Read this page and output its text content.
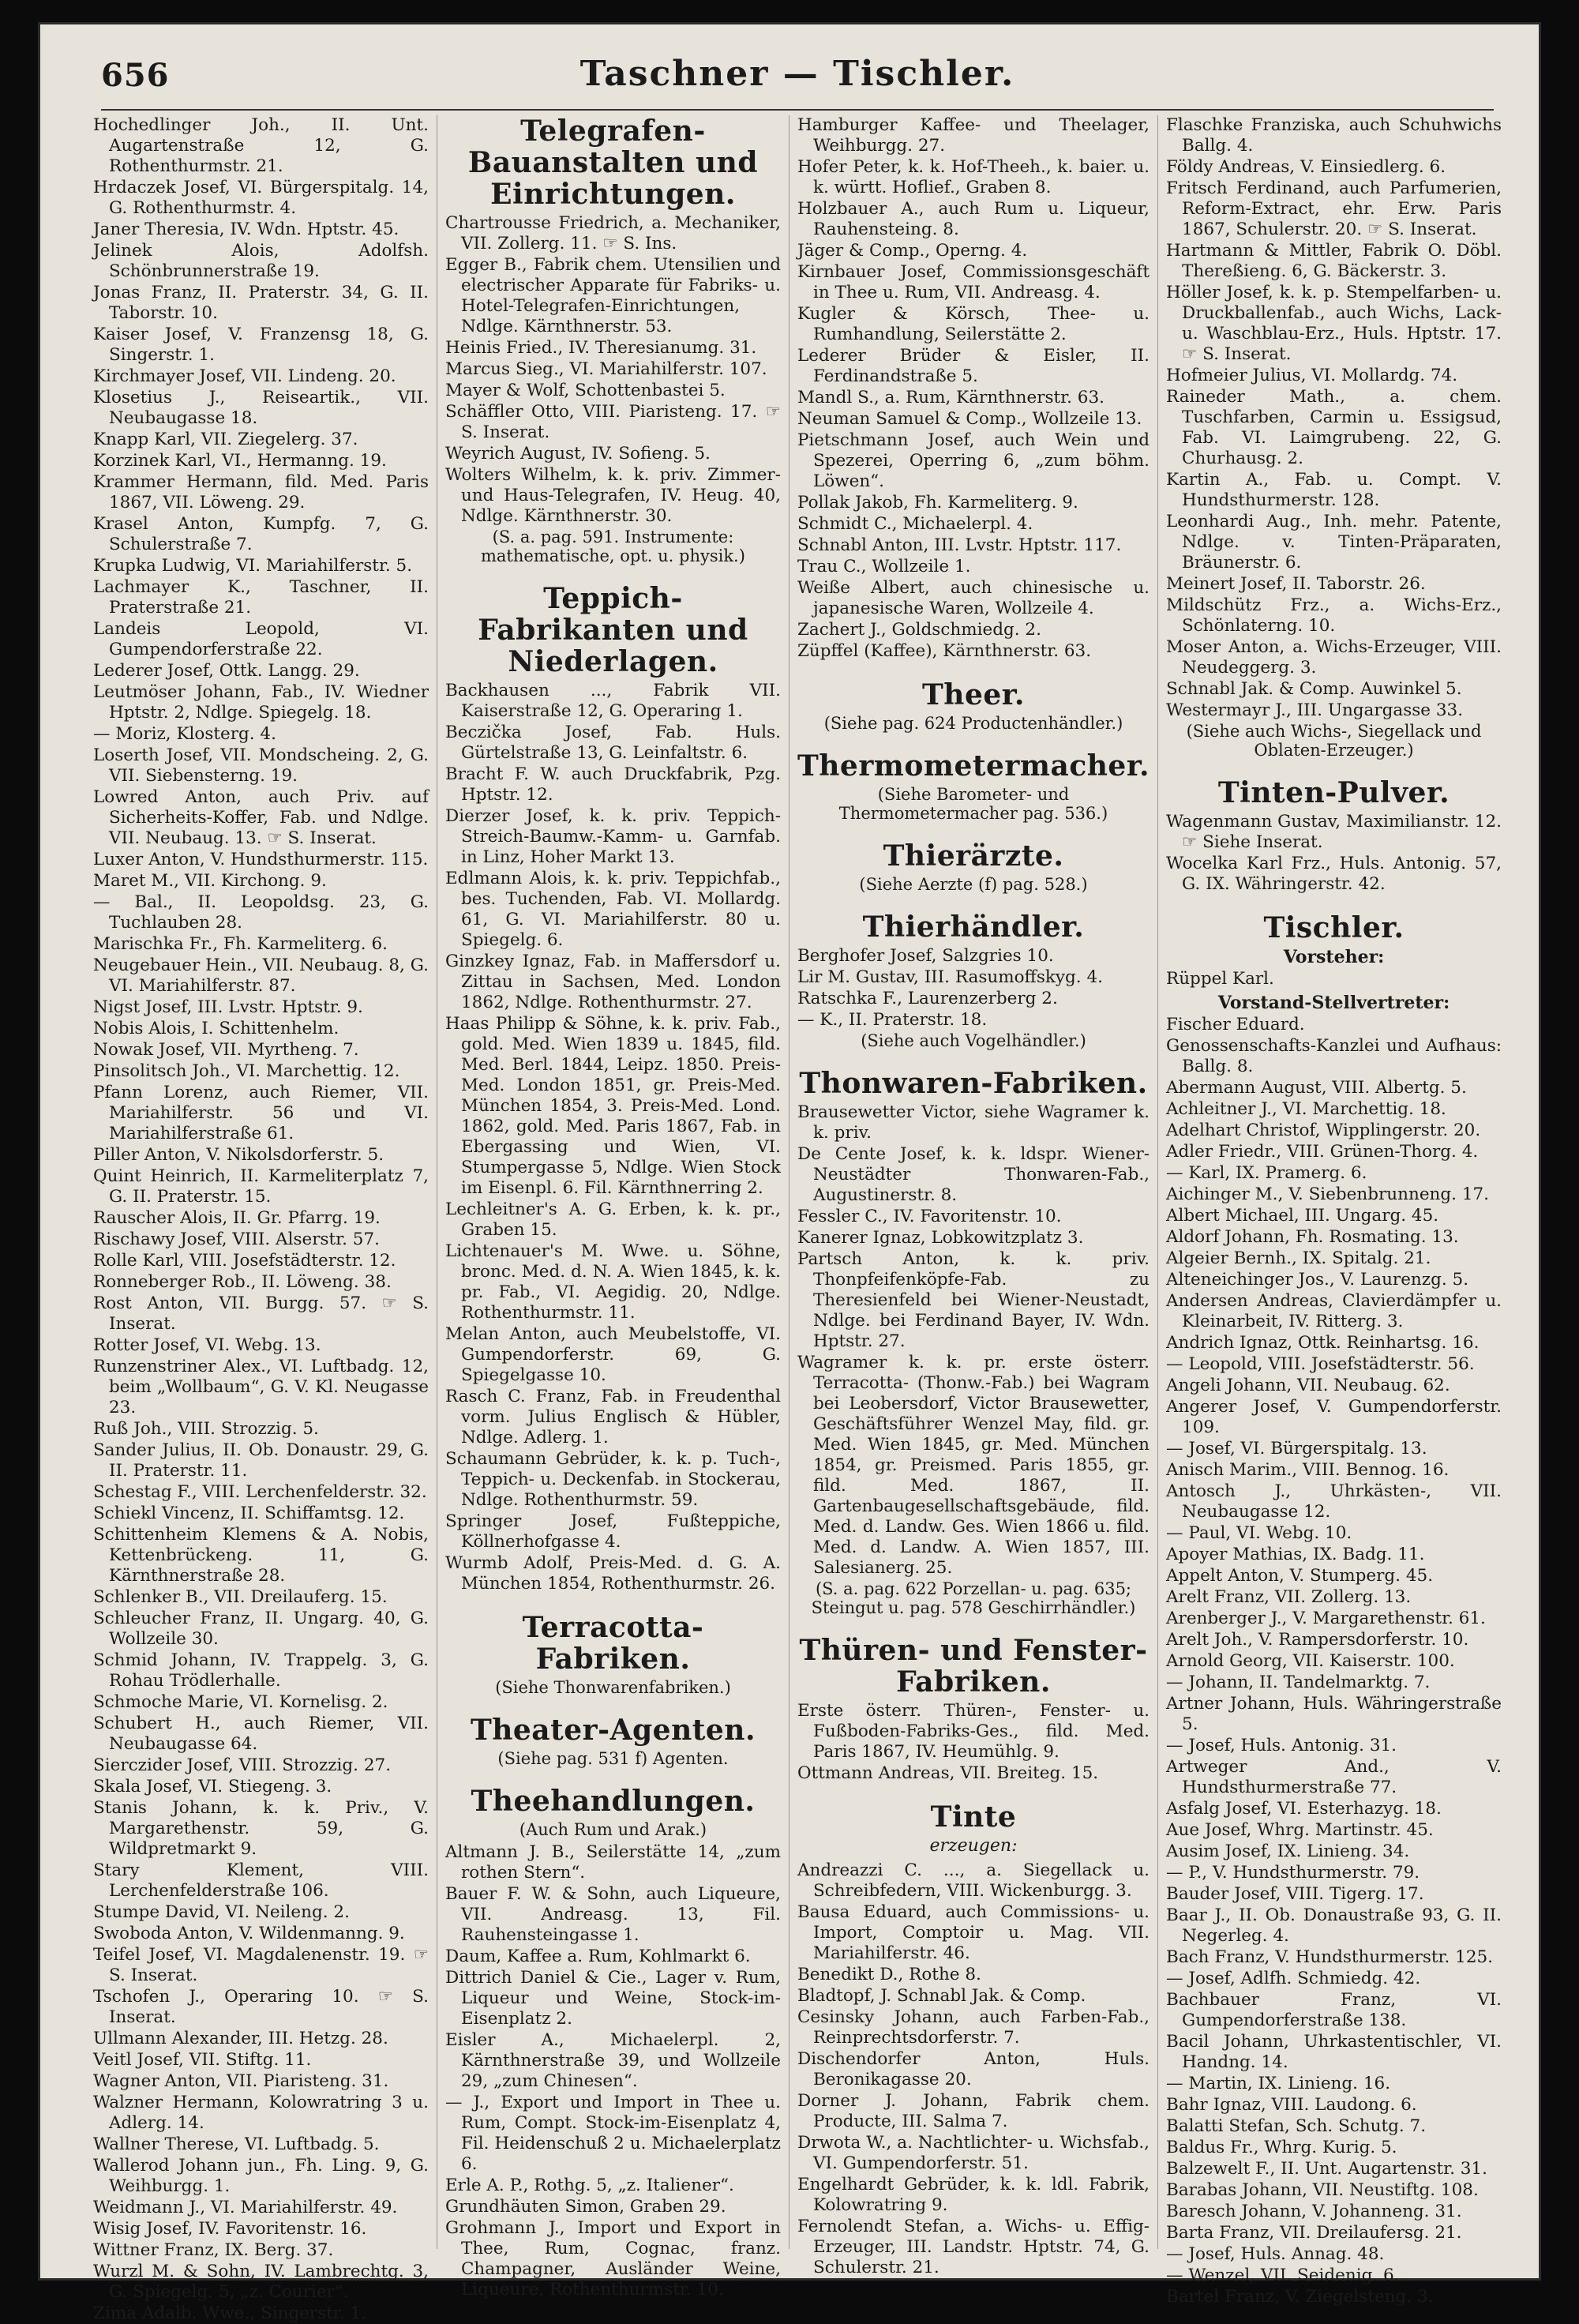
656	Taschner — Tischler.
Hochedlinger Joh., II. Unt. Augartenstraße 12, G. Rothenthurmstr. 21.
Hrdaczek Josef, VI. Bürgerspitalg. 14, G. Rothenthurmstr. 4.
Janer Theresia, IV. Wdn. Hptstr. 45.
Jelinek Alois, Adolfsh. Schönbrunnerstraße 19.
Jonas Franz, II. Praterstr. 34, G. II. Taborstr. 10.
Kaiser Josef, V. Franzensg 18, G. Singerstr. 1.
Kirchmayer Josef, VII. Lindeng. 20.
Klosetius J., Reiseartik., VII. Neubaugasse 18.
Knapp Karl, VII. Ziegelerg. 37.
Korzinek Karl, VI., Hermanng. 19.
Krammer Hermann, fild. Med. Paris 1867, VII. Löweng. 29.
Krasel Anton, Kumpfg. 7, G. Schulerstraße 7.
Krupka Ludwig, VI. Mariahilferstr. 5.
Lachmayer K., Taschner, II. Praterstraße 21.
Landeis Leopold, VI. Gumpendorferstraße 22.
Lederer Josef, Ottk. Langg. 29.
Leutmöser Johann, Fab., IV. Wiedner Hptstr. 2, Ndlge. Spiegelg. 18.
— Moriz, Klosterg. 4.
Loserth Josef, VII. Mondscheing. 2, G. VII. Siebensterng. 19.
Lowred Anton, auch Priv. auf Sicherheits-Koffer, Fab. und Ndlge. VII. Neubaug. 13. ☞ S. Inserat.
Luxer Anton, V. Hundsthurmerstr. 115.
Maret M., VII. Kirchong. 9.
— Bal., II. Leopoldsg. 23, G. Tuchlauben 28.
Marischka Fr., Fh. Karmeliterg. 6.
Neugebauer Hein., VII. Neubaug. 8, G. VI. Mariahilferstr. 87.
Nigst Josef, III. Lvstr. Hptstr. 9.
Nobis Alois, I. Schittenhelm.
Nowak Josef, VII. Myrtheng. 7.
Pinsolitsch Joh., VI. Marchettig. 12.
Pfann Lorenz, auch Riemer, VII. Mariahilferstr. 56 und VI. Mariahilferstraße 61.
Piller Anton, V. Nikolsdorferstr. 5.
Quint Heinrich, II. Karmeliterplatz 7, G. II. Praterstr. 15.
Rauscher Alois, II. Gr. Pfarrg. 19.
Rischawy Josef, VIII. Alserstr. 57.
Rolle Karl, VIII. Josefstädterstr. 12.
Ronneberger Rob., II. Löweng. 38.
Rost Anton, VII. Burgg. 57. ☞ S. Inserat.
Rotter Josef, VI. Webg. 13.
Runzenstriner Alex., VI. Luftbadg. 12, beim „Wollbaum“, G. V. Kl. Neugasse 23.
Ruß Joh., VIII. Strozzig. 5.
Sander Julius, II. Ob. Donaustr. 29, G. II. Praterstr. 11.
Schestag F., VIII. Lerchenfelderstr. 32.
Schiekl Vincenz, II. Schiffamtsg. 12.
Schittenheim Klemens & A. Nobis, Kettenbrückeng. 11, G. Kärnthnerstraße 28.
Schlenker B., VII. Dreilauferg. 15.
Schleucher Franz, II. Ungarg. 40, G. Wollzeile 30.
Schmid Johann, IV. Trappelg. 3, G. Rohau Trödlerhalle.
Schmoche Marie, VI. Kornelisg. 2.
Schubert H., auch Riemer, VII. Neubaugasse 64.
Sierczider Josef, VIII. Strozzig. 27.
Skala Josef, VI. Stiegeng. 3.
Stanis Johann, k. k. Priv., V. Margarethenstr. 59, G. Wildpretmarkt 9.
Stary Klement, VIII. Lerchenfelderstraße 106.
Stumpe David, VI. Neileng. 2.
Swoboda Anton, V. Wildenmanng. 9.
Teifel Josef, VI. Magdalenenstr. 19. ☞ S. Inserat.
Tschofen J., Operaring 10. ☞ S. Inserat.
Ullmann Alexander, III. Hetzg. 28.
Veitl Josef, VII. Stiftg. 11.
Wagner Anton, VII. Piaristeng. 31.
Walzner Hermann, Kolowratring 3 u. Adlerg. 14.
Wallner Therese, VI. Luftbadg. 5.
Wallerod Johann jun., Fh. Ling. 9, G. Weihburgg. 1.
Weidmann J., VI. Mariahilferstr. 49.
Wisig Josef, IV. Favoritenstr. 16.
Wittner Franz, IX. Berg. 37.
Wurzl M. & Sohn, IV. Lambrechtg. 3, G. Spiegelg. 5, „z. Courier“.
Zima Adalb. Wwe., Singerstr. 1.
Telegrafen-Bauanstalten und Einrichtungen.
Chartrousse Friedrich, a. Mechaniker, VII. Zollerg. 11. ☞ S. Ins.
Egger B., Fabrik chem. Utensilien und electrischer Apparate für Fabriks- u. Hotel-Telegrafen-Einrichtungen, Ndlge. Kärnthnerstr. 53.
Heinis Fried., IV. Theresianumg. 31.
Marcus Sieg., VI. Mariahilferstr. 107.
Mayer & Wolf, Schottenbastei 5.
Schäffler Otto, VIII. Piaristeng. 17. ☞ S. Inserat.
Weyrich August, IV. Sofieng. 5.
Wolters Wilhelm, k. k. priv. Zimmer- und Haus-Telegrafen, IV. Heug. 40, Ndlge. Kärnthnerstr. 30.
(S. a. pag. 591. Instrumente: mathematische, opt. u. physik.)
Teppich-Fabrikanten und Niederlagen.
Backhausen ..., Fabrik VII. Kaiserstraße 12, G. Operaring 1.
Beczička Josef, Fab. Huls. Gürtelstraße 13, G. Leinfaltstr. 6.
Bracht F. W. auch Druckfabrik, Pzg. Hptstr. 12.
Dierzer Josef, k. k. priv. Teppich-Streich-Baumw.-Kamm- u. Garnfab. in Linz, Hoher Markt 13.
Edlmann Alois, k. k. priv. Teppichfab., bes. Tuchenden, Fab. VI. Mollardg. 61, G. VI. Mariahilferstr. 80 u. Spiegelg. 6.
Ginzkey Ignaz, Fab. in Maffersdorf u. Zittau in Sachsen, Med. London 1862, Ndlge. Rothenthurmstr. 27.
Haas Philipp & Söhne, k. k. priv. Fab., gold. Med. Wien 1839 u. 1845, fild. Med. Berl. 1844, Leipz. 1850. Preis-Med. London 1851, gr. Preis-Med. München 1854, 3. Preis-Med. Lond. 1862, gold. Med. Paris 1867, Fab. in Ebergassing und Wien, VI. Stumpergasse 5, Ndlge. Wien Stock im Eisenpl. 6. Fil. Kärnthnerring 2.
Lechleitner's A. G. Erben, k. k. pr., Graben 15.
Lichtenauer's M. Wwe. u. Söhne, bronc. Med. d. N. A. Wien 1845, k. k. pr. Fab., VI. Aegidig. 20, Ndlge. Rothenthurmstr. 11.
Melan Anton, auch Meubelstoffe, VI. Gumpendorferstr. 69, G. Spiegelgasse 10.
Rasch C. Franz, Fab. in Freudenthal vorm. Julius Englisch & Hübler, Ndlge. Adlerg. 1.
Schaumann Gebrüder, k. k. p. Tuch-, Teppich- u. Deckenfab. in Stockerau, Ndlge. Rothenthurmstr. 59.
Springer Josef, Fußteppiche, Köllnerhofgasse 4.
Wurmb Adolf, Preis-Med. d. G. A. München 1854, Rothenthurmstr. 26.
Terracotta-Fabriken.
(Siehe Thonwarenfabriken.)
Theater-Agenten.
(Siehe pag. 531 f) Agenten.
Theehandlungen.
(Auch Rum und Arak.)
Altmann J. B., Seilerstätte 14, „zum rothen Stern“.
Bauer F. W. & Sohn, auch Liqueure, VII. Andreasg. 13, Fil. Rauhensteingasse 1.
Daum, Kaffee a. Rum, Kohlmarkt 6.
Dittrich Daniel & Cie., Lager v. Rum, Liqueur und Weine, Stock-im-Eisenplatz 2.
Eisler A., Michaelerpl. 2, Kärnthnerstraße 39, und Wollzeile 29, „zum Chinesen“.
— J., Export und Import in Thee u. Rum, Compt. Stock-im-Eisenplatz 4, Fil. Heidenschuß 2 u. Michaelerplatz 6.
Erle A. P., Rothg. 5, „z. Italiener“.
Grundhäuten Simon, Graben 29.
Grohmann J., Import und Export in Thee, Rum, Cognac, franz. Champagner, Ausländer Weine, Liqueure, Rothenthurmstr. 10.
Hamburger Kaffee- und Theelager, Weihburgg. 27.
Hofer Peter, k. k. Hof-Theeh., k. baier. u. k. württ. Hoflief., Graben 8.
Holzbauer A., auch Rum u. Liqueur, Rauhensteing. 8.
Jäger & Comp., Operng. 4.
Kirnbauer Josef, Commissionsgeschäft in Thee u. Rum, VII. Andreasg. 4.
Kugler & Körsch, Thee- u. Rumhandlung, Seilerstätte 2.
Lederer Brüder & Eisler, II. Ferdinandstraße 5.
Mandl S., a. Rum, Kärnthnerstr. 63.
Neuman Samuel & Comp., Wollzeile 13.
Pietschmann Josef, auch Wein und Spezerei, Operring 6, „zum böhm. Löwen“.
Pollak Jakob, Fh. Karmeliterg. 9.
Schmidt C., Michaelerpl. 4.
Schnabl Anton, III. Lvstr. Hptstr. 117.
Trau C., Wollzeile 1.
Weiße Albert, auch chinesische u. japanesische Waren, Wollzeile 4.
Zachert J., Goldschmiedg. 2.
Züpffel (Kaffee), Kärnthnerstr. 63.
Theer.
(Siehe pag. 624 Productenhändler.)
Thermometermacher.
(Siehe Barometer- und Thermometermacher pag. 536.)
Thierärzte.
(Siehe Aerzte (f) pag. 528.)
Thierhändler.
Berghofer Josef, Salzgries 10.
Lir M. Gustav, III. Rasumoffskyg. 4.
Ratschka F., Laurenzerberg 2.
— K., II. Praterstr. 18.
(Siehe auch Vogelhändler.)
Thonwaren-Fabriken.
Brausewetter Victor, siehe Wagramer k. k. priv.
De Cente Josef, k. k. ldspr. Wiener-Neustädter Thonwaren-Fab., Augustinerstr. 8.
Fessler C., IV. Favoritenstr. 10.
Kanerer Ignaz, Lobkowitzplatz 3.
Partsch Anton, k. k. priv. Thonpfeifenköpfe-Fab. zu Theresienfeld bei Wiener-Neustadt, Ndlge. bei Ferdinand Bayer, IV. Wdn. Hptstr. 27.
Wagramer k. k. pr. erste österr. Terracotta- (Thonw.-Fab.) bei Wagram bei Leobersdorf, Victor Brausewetter, Geschäftsführer Wenzel May, fild. gr. Med. Wien 1845, gr. Med. München 1854, gr. Preismed. Paris 1855, gr. fild. Med. 1867, II. Gartenbaugesellschaftsgebäude, fild. Med. d. Landw. Ges. Wien 1866 u. fild. Med. d. Landw. A. Wien 1857, III. Salesianerg. 25.
(S. a. pag. 622 Porzellan- u. pag. 635; Steingut u. pag. 578 Geschirrhändler.)
Thüren- und Fenster-Fabriken.
Erste österr. Thüren-, Fenster- u. Fußboden-Fabriks-Ges., fild. Med. Paris 1867, IV. Heumühlg. 9.
Ottmann Andreas, VII. Breiteg. 15.
Tinte
erzeugen:
Andreazzi C. ..., a. Siegellack u. Schreibfedern, VIII. Wickenburgg. 3.
Bausa Eduard, auch Commissions- u. Import, Comptoir u. Mag. VII. Mariahilferstr. 46.
Benedikt D., Rothe 8.
Bladtopf, J. Schnabl Jak. & Comp.
Cesinsky Johann, auch Farben-Fab., Reinprechtsdorferstr. 7.
Dischendorfer Anton, Huls. Beronikagasse 20.
Dorner J. Johann, Fabrik chem. Producte, III. Salma 7.
Drwota W., a. Nachtlichter- u. Wichsfab., VI. Gumpendorferstr. 51.
Engelhardt Gebrüder, k. k. ldl. Fabrik, Kolowratring 9.
Fernolendt Stefan, a. Wichs- u. Effig-Erzeuger, III. Landstr. Hptstr. 74, G. Schulerstr. 21.
Flaschke Franziska, auch Schuhwichs Ballg. 4.
Földy Andreas, V. Einsiedlerg. 6.
Fritsch Ferdinand, auch Parfumerien, Reform-Extract, ehr. Erw. Paris 1867, Schulerstr. 20. ☞ S. Inserat.
Hartmann & Mittler, Fabrik O. Döbl. Thereßieng. 6, G. Bäckerstr. 3.
Höller Josef, k. k. p. Stempelfarben- u. Druckballenfab., auch Wichs, Lack- u. Waschblau-Erz., Huls. Hptstr. 17. ☞ S. Inserat.
Hofmeier Julius, VI. Mollardg. 74.
Raineder Math., a. chem. Tuschfarben, Carmin u. Essigsud, Fab. VI. Laimgrubeng. 22, G. Churhausg. 2.
Kartin A., Fab. u. Compt. V. Hundsthurmerstr. 128.
Leonhardi Aug., Inh. mehr. Patente, Ndlge. v. Tinten-Präparaten, Bräunerstr. 6.
Meinert Josef, II. Taborstr. 26.
Mildschütz Frz., a. Wichs-Erz., Schönlaterng. 10.
Moser Anton, a. Wichs-Erzeuger, VIII. Neudeggerg. 3.
Schnabl Jak. & Comp. Auwinkel 5.
Westermayr J., III. Ungargasse 33.
(Siehe auch Wichs-, Siegellack und Oblaten-Erzeuger.)
Tinten-Pulver.
Wagenmann Gustav, Maximilianstr. 12. ☞ Siehe Inserat.
Wocelka Karl Frz., Huls. Antonig. 57, G. IX. Währingerstr. 42.
Tischler.
Vorsteher:
Rüppel Karl.
Vorstand-Stellvertreter:
Fischer Eduard.
Genossenschafts-Kanzlei und Aufhaus: Ballg. 8.
Abermann August, VIII. Albertg. 5.
Achleitner J., VI. Marchettig. 18.
Adelhart Christof, Wipplingerstr. 20.
Adler Friedr., VIII. Grünen-Thorg. 4.
— Karl, IX. Pramerg. 6.
Aichinger M., V. Siebenbrunneng. 17.
Albert Michael, III. Ungarg. 45.
Aldorf Johann, Fh. Rosmating. 13.
Algeier Bernh., IX. Spitalg. 21.
Alteneichinger Jos., V. Laurenzg. 5.
Andersen Andreas, Clavierdämpfer u. Kleinarbeit, IV. Ritterg. 3.
Andrich Ignaz, Ottk. Reinhartsg. 16.
— Leopold, VIII. Josefstädterstr. 56.
Angeli Johann, VII. Neubaug. 62.
Angerer Josef, V. Gumpendorferstr. 109.
— Josef, VI. Bürgerspitalg. 13.
Anisch Marim., VIII. Bennog. 16.
Antosch J., Uhrkästen-, VII. Neubaugasse 12.
— Paul, VI. Webg. 10.
Apoyer Mathias, IX. Badg. 11.
Appelt Anton, V. Stumperg. 45.
Arelt Franz, VII. Zollerg. 13.
Arenberger J., V. Margarethenstr. 61.
Arelt Joh., V. Rampersdorferstr. 10.
Arnold Georg, VII. Kaiserstr. 100.
— Johann, II. Tandelmarktg. 7.
Artner Johann, Huls. Währingerstraße 5.
— Josef, Huls. Antonig. 31.
Artweger And., V. Hundsthurmerstraße 77.
Asfalg Josef, VI. Esterhazyg. 18.
Aue Josef, Whrg. Martinstr. 45.
Ausim Josef, IX. Linieng. 34.
— P., V. Hundsthurmerstr. 79.
Bauder Josef, VIII. Tigerg. 17.
Baar J., II. Ob. Donaustraße 93, G. II. Negerleg. 4.
Bach Franz, V. Hundsthurmerstr. 125.
— Josef, Adlfh. Schmiedg. 42.
Bachbauer Franz, VI. Gumpendorferstraße 138.
Bacil Johann, Uhrkastentischler, VI. Handng. 14.
— Martin, IX. Linieng. 16.
Bahr Ignaz, VIII. Laudong. 6.
Balatti Stefan, Sch. Schutg. 7.
Baldus Fr., Whrg. Kurig. 5.
Balzewelt F., II. Unt. Augartenstr. 31.
Barabas Johann, VII. Neustiftg. 108.
Baresch Johann, V. Johanneng. 31.
Barta Franz, VII. Dreilaufersg. 21.
— Josef, Huls. Annag. 48.
— Wenzel, VII. Seidenig. 6.
Bartel Franz, V. Ziegelsteng. 3.
